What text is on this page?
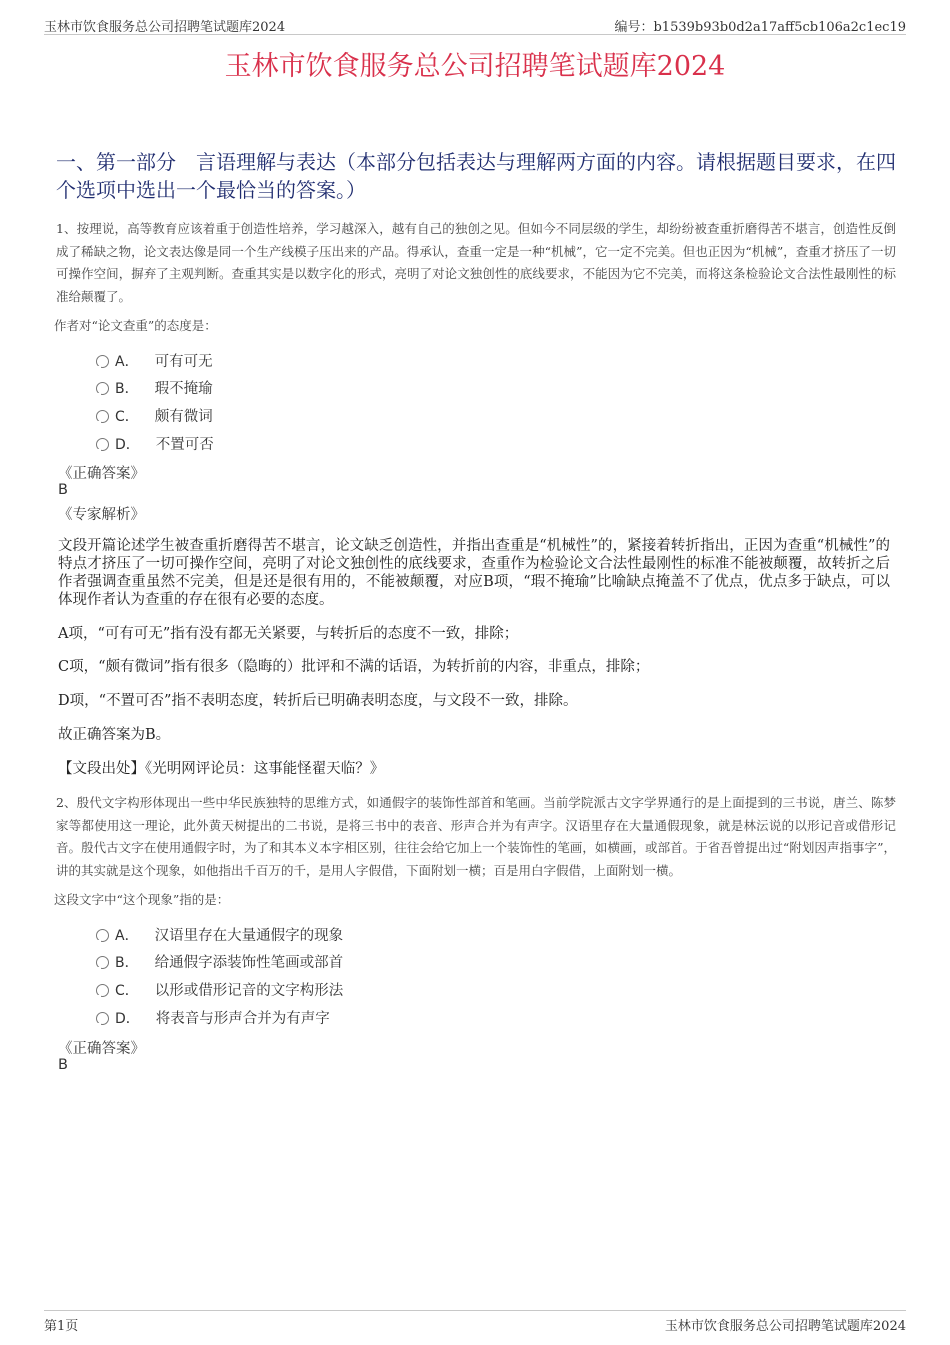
玉林市饮食服务总公司招聘笔试题库2024	编号：b1539b93b0d2a17aff5cb106a2c1ec19
玉林市饮食服务总公司招聘笔试题库2024
一、第一部分　言语理解与表达（本部分包括表达与理解两方面的内容。请根据题目要求，在四个选项中选出一个最恰当的答案。）
1、按理说，高等教育应该着重于创造性培养，学习越深入，越有自己的独创之见。但如今不同层级的学生，却纷纷被查重折磨得苦不堪言，创造性反倒成了稀缺之物，论文表达像是同一个生产线模子压出来的产品。得承认，查重一定是一种“机械”，它一定不完美。但也正因为“机械”，查重才挤压了一切可操作空间，摒弃了主观判断。查重其实是以数字化的形式，亮明了对论文独创性的底线要求，不能因为它不完美，而将这条检验论文合法性最刚性的标准给颠覆了。
作者对“论文查重”的态度是：
A． 可有可无
B． 瑕不掩瑜
C． 颇有微词
D． 不置可否
《正确答案》
B
《专家解析》
文段开篇论述学生被查重折磨得苦不堪言，论文缺乏创造性，并指出查重是“机械性”的，紧接着转折指出，正因为查重“机械性”的特点才挤压了一切可操作空间，亮明了对论文独创性的底线要求，查重作为检验论文合法性最刚性的标准不能被颠覆，故转折之后作者强调查重虽然不完美，但是还是很有用的，不能被颠覆，对应B项，“瑕不掩瑜”比喻缺点掩盖不了优点，优点多于缺点，可以体现作者认为查重的存在很有必要的态度。
A项，“可有可无”指有没有都无关紧要，与转折后的态度不一致，排除；
C项，“颇有微词”指有很多（隐晦的）批评和不满的话语，为转折前的内容，非重点，排除；
D项，“不置可否”指不表明态度，转折后已明确表明态度，与文段不一致，排除。
故正确答案为B。
【文段出处】《光明网评论员：这事能怪翟天临？》
2、殷代文字构形体现出一些中华民族独特的思维方式，如通假字的装饰性部首和笔画。当前学院派古文字学界通行的是上面提到的三书说，唐兰、陈梦家等都使用这一理论，此外黄天树提出的二书说，是将三书中的表音、形声合并为有声字。汉语里存在大量通假现象，就是林沄说的以形记音或借形记音。殷代古文字在使用通假字时，为了和其本义本字相区别，往往会给它加上一个装饰性的笔画，如横画，或部首。于省吾曾提出过“附划因声指事字”，讲的其实就是这个现象，如他指出千百万的千，是用人字假借，下面附划一横；百是用白字假借，上面附划一横。
这段文字中“这个现象”指的是：
A． 汉语里存在大量通假字的现象
B． 给通假字添装饰性笔画或部首
C． 以形或借形记音的文字构形法
D． 将表音与形声合并为有声字
《正确答案》
B
第1页	玉林市饮食服务总公司招聘笔试题库2024
